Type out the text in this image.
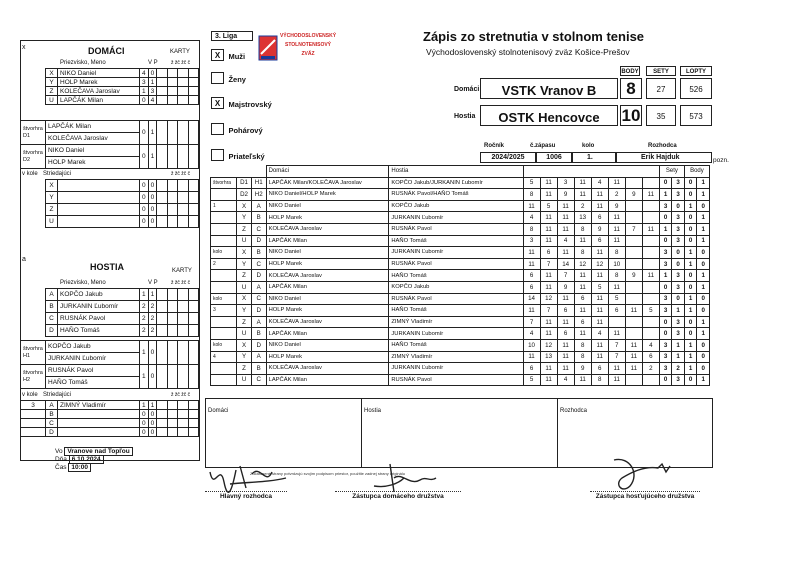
3. Liga	VÝCHODOSLOVENSKÝ
STOLNOTENISOVÝ
ZVÄZ
X Muži
Ženy
X Majstrovský
Pohárový
Priateľský
Zápis zo stretnutia v stolnom tenise
Východoslovenský stolnotenisový zväz Košice-Prešov
BODY	SETY	LOPTY
Domáci	VSTK Vranov B	8	27	526
Hostia	OSTK Hencovce	10	35	573
Ročník	č.zápasu	kolo	Rozhodca
2024/2025	1006	1.	Erik Hajduk	pozn.
x	DOMÁCI	KARTY
Priezvisko, Meno	V P	ž žč žč č
X	NIKO Daniel	4	0				
Y	HOLP Marek	3	1				
Z	KOLEČAVA Jaroslav	1	3				
U	LAPČÁK Milan	0	4				
štvorhra D1	LAPČÁK Milan	0	1				
	KOLEČAVA Jaroslav						
štvorhra D2	NIKO Daniel	0	1				
	HOLP Marek						
v kole Striedajúci	ž žč žč č
X		0	0				
Y		0	0				
Z		0	0				
U		0	0				
a
HOSTIA	KARTY
Priezvisko, Meno	V P	ž žč žč č
A	KOPČO Jakub	1	1				
B	JURKANIN Ľubomír	2	2				
C	RUSNÁK Pavol	2	2				
D	HAŇO Tomáš	2	2				
štvorhra H1	KOPČO Jakub	1	0				
	JURKANIN Ľubomír						
štvorhra H2	RUSNÁK Pavol	1	0				
	HAŇO Tomáš						
v kole Striedajúci	ž žč žč č
3	A	ZIMNÝ Vladimír	1	1				
	B		0	0				
	C		0	0				
	D		0	0				
Vo Vranove nad Topľou
Dňa 6.10.2024
Čas 10:00
			Domáci	Hostia									Sety		Body	
štvorhra	D1	H1	LAPČÁK Milan/KOLEČAVA Jaroslav	KOPČO Jakub/JURKANIN Ľubomír	5	11	3	11	4	11			0	3	0	1
	D2	H2	NIKO Daniel/HOLP Marek	RUSNÁK Pavol/HAŇO Tomáš	8	11	9	11	11	2	9	11	1	3	0	1
1	X	A	NIKO Daniel	KOPČO Jakub	11	5	11	2	11	9			3	0	1	0
	Y	B	HOLP Marek	JURKANIN Ľubomír	4	11	11	13	6	11			0	3	0	1
	Z	C	KOLEČAVA Jaroslav	RUSNÁK Pavol	8	11	11	8	9	11	7	11	1	3	0	1
	U	D	LAPČÁK Milan	HAŇO Tomáš	3	11	4	11	6	11			0	3	0	1
kolo	X	B	NIKO Daniel	JURKANIN Ľubomír	11	6	11	8	11	8			3	0	1	0
2	Y	C	HOLP Marek	RUSNÁK Pavol	11	7	14	12	12	10			3	0	1	0
	Z	D	KOLEČAVA Jaroslav	HAŇO Tomáš	6	11	7	11	11	8	9	11	1	3	0	1
	U	A	LAPČÁK Milan	KOPČO Jakub	6	11	9	11	5	11			0	3	0	1
kolo	X	C	NIKO Daniel	RUSNÁK Pavol	14	12	11	6	11	5			3	0	1	0
3	Y	D	HOLP Marek	HAŇO Tomáš	11	7	6	11	11	6	11	5	3	1	1	0
	Z	A	KOLEČAVA Jaroslav	ZIMNÝ Vladimír	7	11	11	6	11				0	3	0	1
	U	B	LAPČÁK Milan	JURKANIN Ľubomír	4	11	6	11	4	11			0	3	0	1
kolo	X	D	NIKO Daniel	HAŇO Tomáš	10	12	11	8	11	7	11	4	3	1	1	0
4	Y	A	HOLP Marek	ZIMNÝ Vladimír	11	13	11	8	11	7	11	6	3	1	1	0
	Z	B	KOLEČAVA Jaroslav	JURKANIN Ľubomír	6	11	11	9	6	11	11	2	3	2	1	0
	U	C	LAPČÁK Milan	RUSNÁK Pavol	5	11	4	11	8	11			0	3	0	1
Domáci	Hostia	Rozhodca
Zúčastnené strany potvrdzujú svojím podpisom priestor, použitie zadnej strany originálu
Hlavný rozhodca	Zástupca domáceho družstva	Zástupca hosťujúceho družstva
